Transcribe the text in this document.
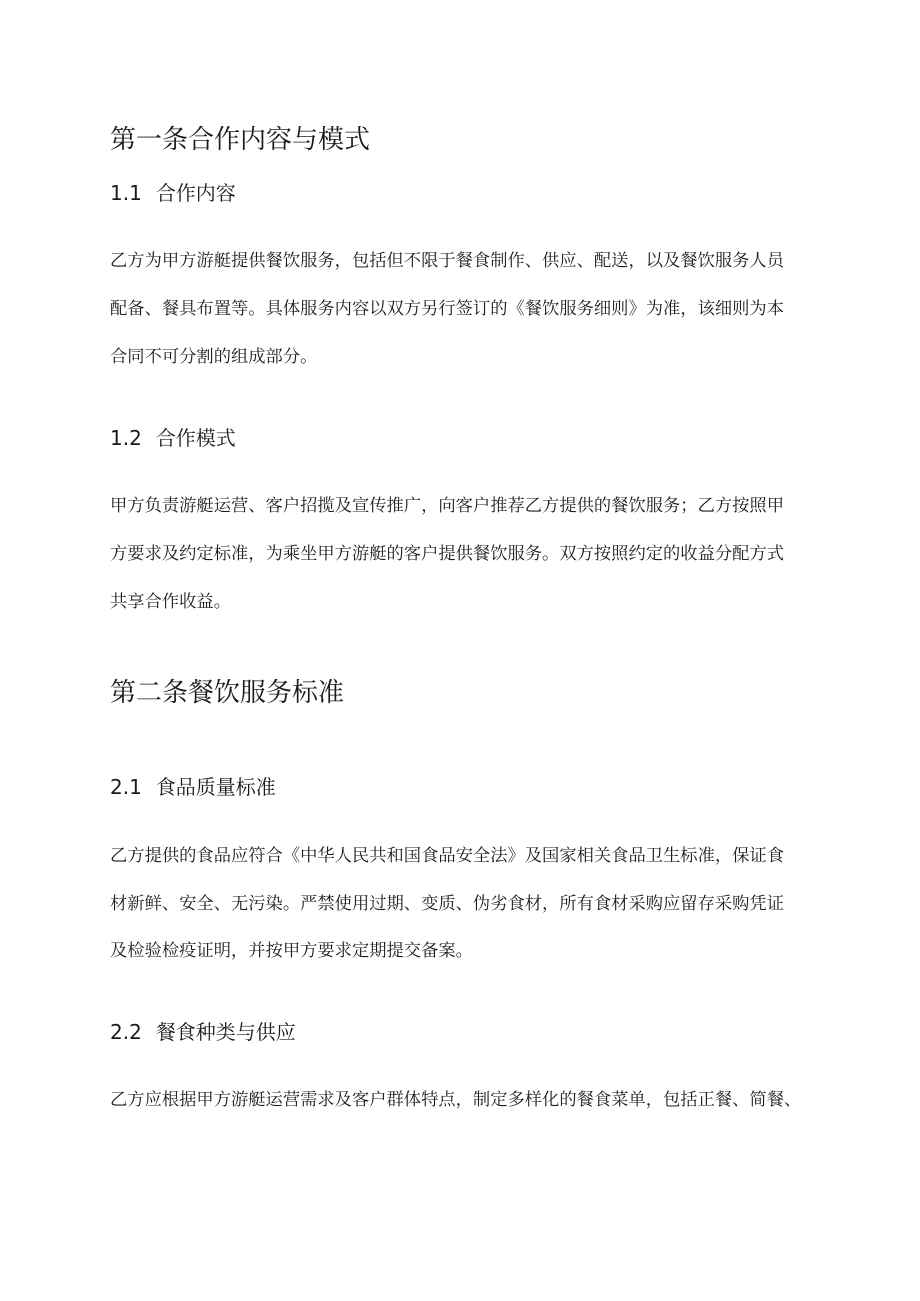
第一条合作内容与模式
1.1 合作内容
乙方为甲方游艇提供餐饮服务，包括但不限于餐食制作、供应、配送，以及餐饮服务人员
配备、餐具布置等。具体服务内容以双方另行签订的《餐饮服务细则》为准，该细则为本
合同不可分割的组成部分。
1.2 合作模式
甲方负责游艇运营、客户招揽及宣传推广，向客户推荐乙方提供的餐饮服务；乙方按照甲
方要求及约定标准，为乘坐甲方游艇的客户提供餐饮服务。双方按照约定的收益分配方式
共享合作收益。
第二条餐饮服务标准
2.1 食品质量标准
乙方提供的食品应符合《中华人民共和国食品安全法》及国家相关食品卫生标准，保证食
材新鲜、安全、无污染。严禁使用过期、变质、伪劣食材，所有食材采购应留存采购凭证
及检验检疫证明，并按甲方要求定期提交备案。
2.2 餐食种类与供应
乙方应根据甲方游艇运营需求及客户群体特点，制定多样化的餐食菜单，包括正餐、简餐、
